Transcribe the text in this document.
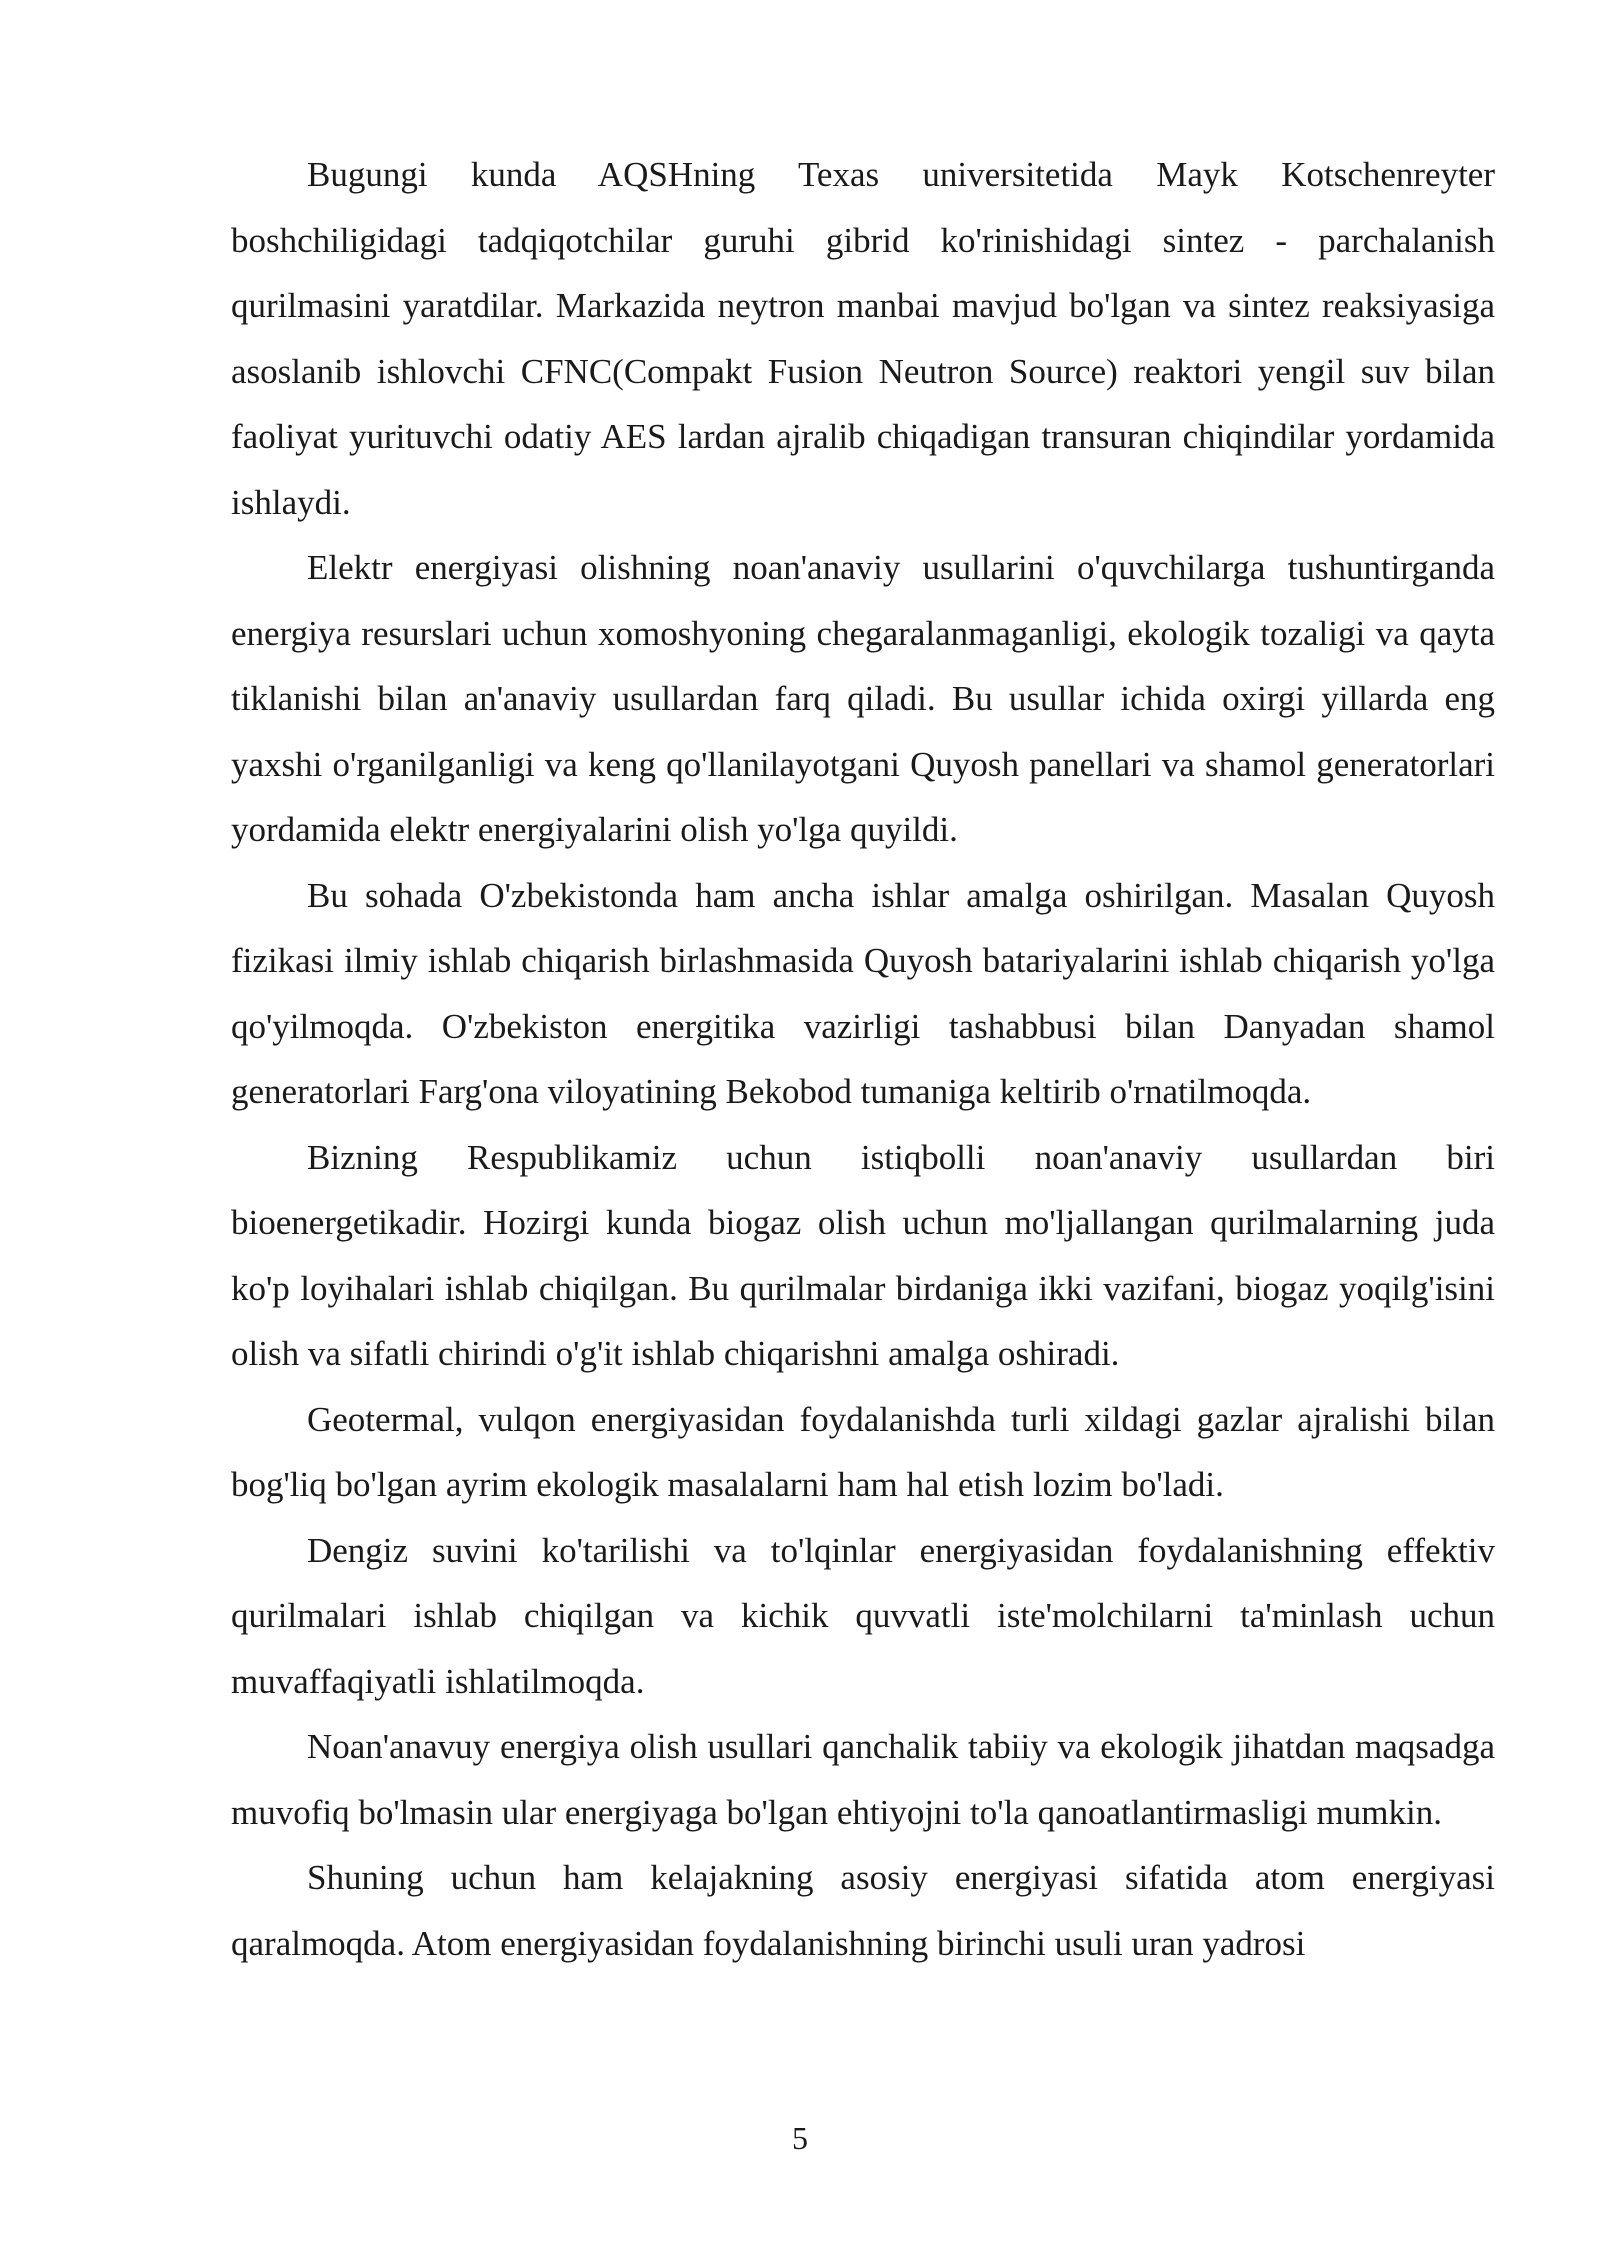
Bugungi kunda AQSHning Texas universitetida Mayk Kotschenreyter boshchiligidagi tadqiqotchilar guruhi gibrid ko'rinishidagi sintez - parchalanish qurilmasini yaratdilar. Markazida neytron manbai mavjud bo'lgan va sintez reaksiyasiga asoslanib ishlovchi CFNC(Compakt Fusion Neutron Source) reaktori yengil suv bilan faoliyat yurituvchi odatiy AES lardan ajralib chiqadigan transuran chiqindilar yordamida ishlaydi.

Elektr energiyasi olishning noan'anaviy usullarini o'quvchilarga tushuntirganda energiya resurslari uchun xomoshyoning chegaralanmaganligi, ekologik tozaligi va qayta tiklanishi bilan an'anaviy usullardan farq qiladi. Bu usullar ichida oxirgi yillarda eng yaxshi o'rganilganligi va keng qo'llanilayotgani Quyosh panellari va shamol generatorlari yordamida elektr energiyalarini olish yo'lga quyildi.

Bu sohada O'zbekistonda ham ancha ishlar amalga oshirilgan. Masalan Quyosh fizikasi ilmiy ishlab chiqarish birlashmasida Quyosh batariyalarini ishlab chiqarish yo'lga qo'yilmoqda. O'zbekiston energitika vazirligi tashabbusi bilan Danyadan shamol generatorlari Farg'ona viloyatining Bekobod tumaniga keltirib o'rnatilmoqda.

Bizning Respublikamiz uchun istiqbolli noan'anaviy usullardan biri bioenergetikadir. Hozirgi kunda biogaz olish uchun mo'ljallangan qurilmalarning juda ko'p loyihalari ishlab chiqilgan. Bu qurilmalar birdaniga ikki vazifani, biogaz yoqilg'isini olish va sifatli chirindi o'g'it ishlab chiqarishni amalga oshiradi.

Geotermal, vulqon energiyasidan foydalanishda turli xildagi gazlar ajralishi bilan bog'liq bo'lgan ayrim ekologik masalalarni ham hal etish lozim bo'ladi.

Dengiz suvini ko'tarilishi va to'lqinlar energiyasidan foydalanishning effektiv qurilmalari ishlab chiqilgan va kichik quvvatli iste'molchilarni ta'minlash uchun muvaffaqiyatli ishlatilmoqda.

Noan'anavuy energiya olish usullari qanchalik tabiiy va ekologik jihatdan maqsadga muvofiq bo'lmasin ular energiyaga bo'lgan ehtiyojni to'la qanoatlantirmasligi mumkin.

Shuning uchun ham kelajakning asosiy energiyasi sifatida atom energiyasi qaralmoqda. Atom energiyasidan foydalanishning birinchi usuli uran yadrosi

5
